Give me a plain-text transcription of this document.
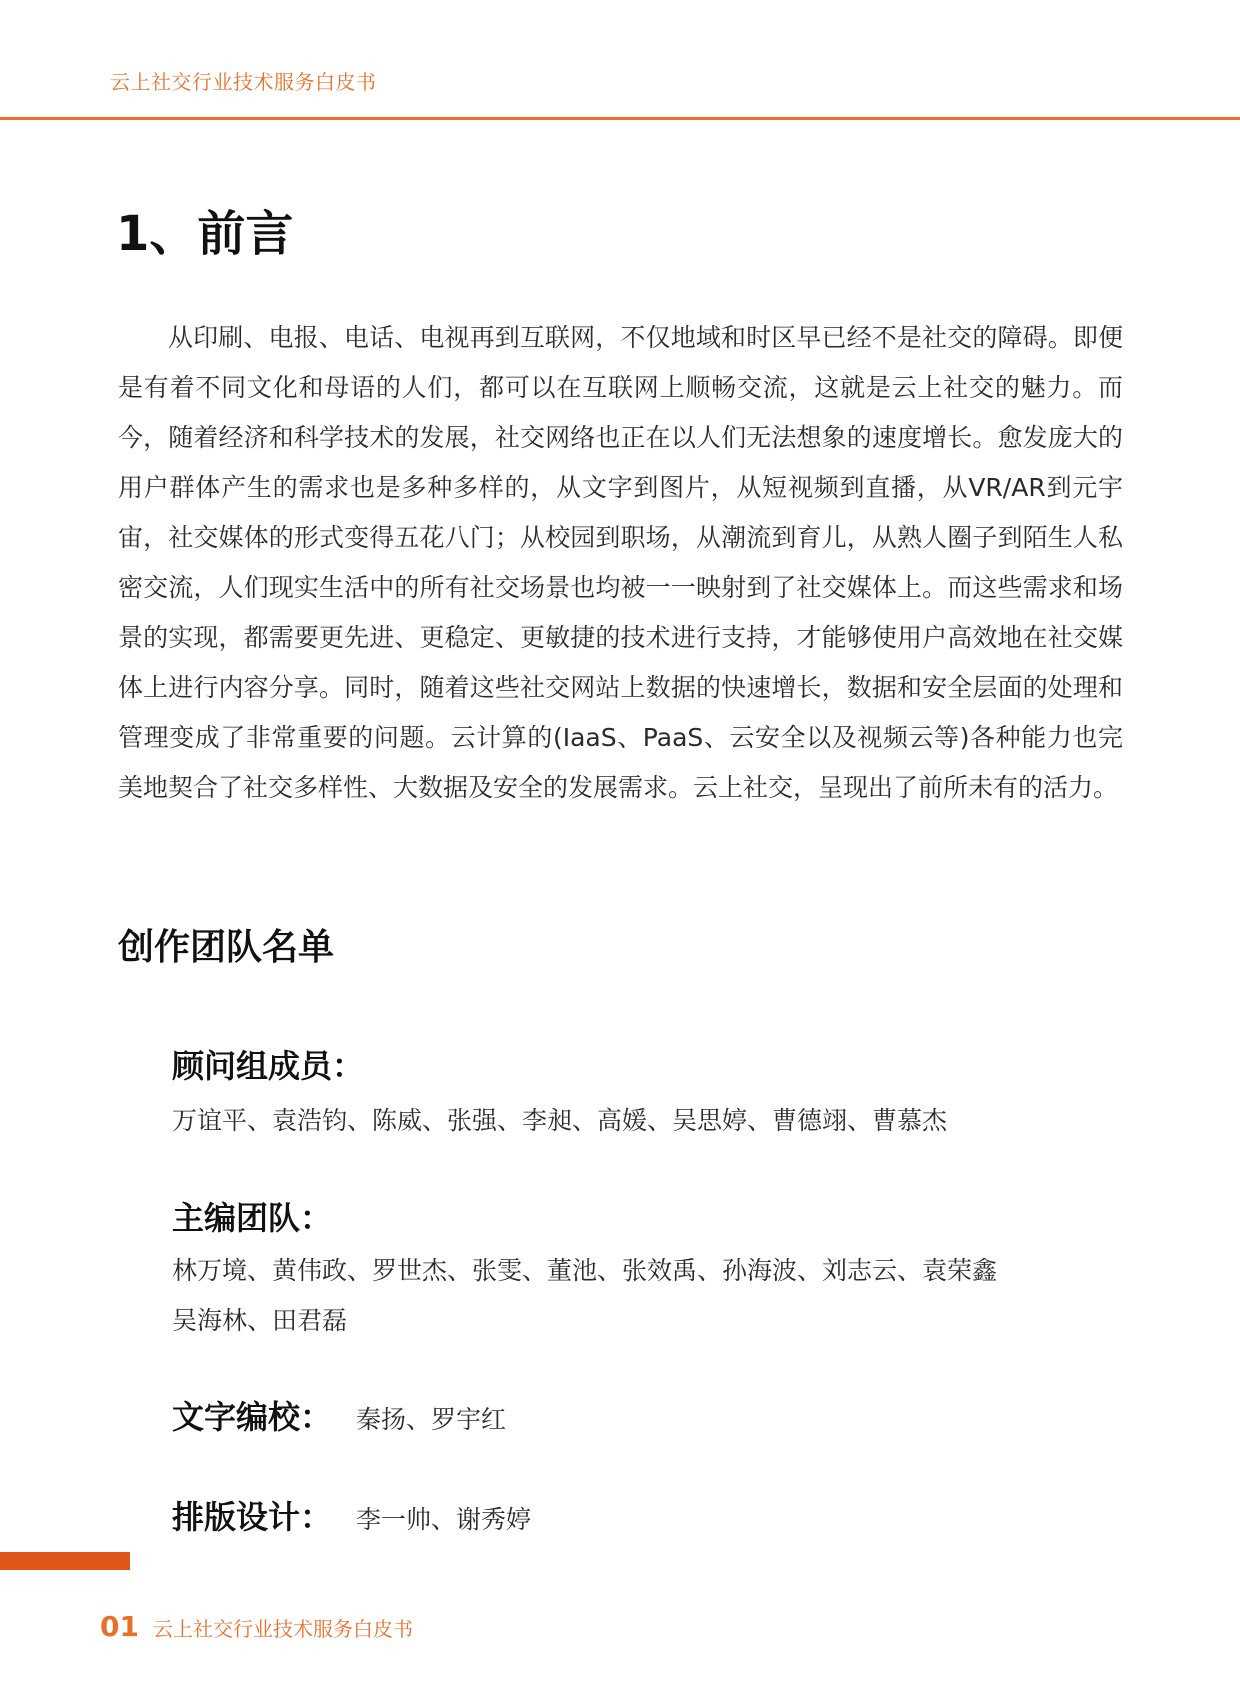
云上社交行业技术服务白皮书
1、前言

从印刷、电报、电话、电视再到互联网，不仅地域和时区早已经不是社交的障碍。即便是有着不同文化和母语的人们，都可以在互联网上顺畅交流，这就是云上社交的魅力。而今，随着经济和科学技术的发展，社交网络也正在以人们无法想象的速度增长。愈发庞大的用户群体产生的需求也是多种多样的，从文字到图片，从短视频到直播，从VR/AR到元宇宙，社交媒体的形式变得五花八门；从校园到职场，从潮流到育儿，从熟人圈子到陌生人私密交流，人们现实生活中的所有社交场景也均被一一映射到了社交媒体上。而这些需求和场景的实现，都需要更先进、更稳定、更敏捷的技术进行支持，才能够使用户高效地在社交媒体上进行内容分享。同时，随着这些社交网站上数据的快速增长，数据和安全层面的处理和管理变成了非常重要的问题。云计算的(IaaS、PaaS、云安全以及视频云等)各种能力也完美地契合了社交多样性、大数据及安全的发展需求。云上社交，呈现出了前所未有的活力。

创作团队名单
顾问组成员：
万谊平、袁浩钧、陈威、张强、李昶、高媛、吴思婷、曹德翊、曹慕杰
主编团队：
林万境、黄伟政、罗世杰、张雯、董池、张效禹、孙海波、刘志云、袁荣鑫
吴海林、田君磊
文字编校： 秦扬、罗宇红
排版设计： 李一帅、谢秀婷
01 云上社交行业技术服务白皮书
